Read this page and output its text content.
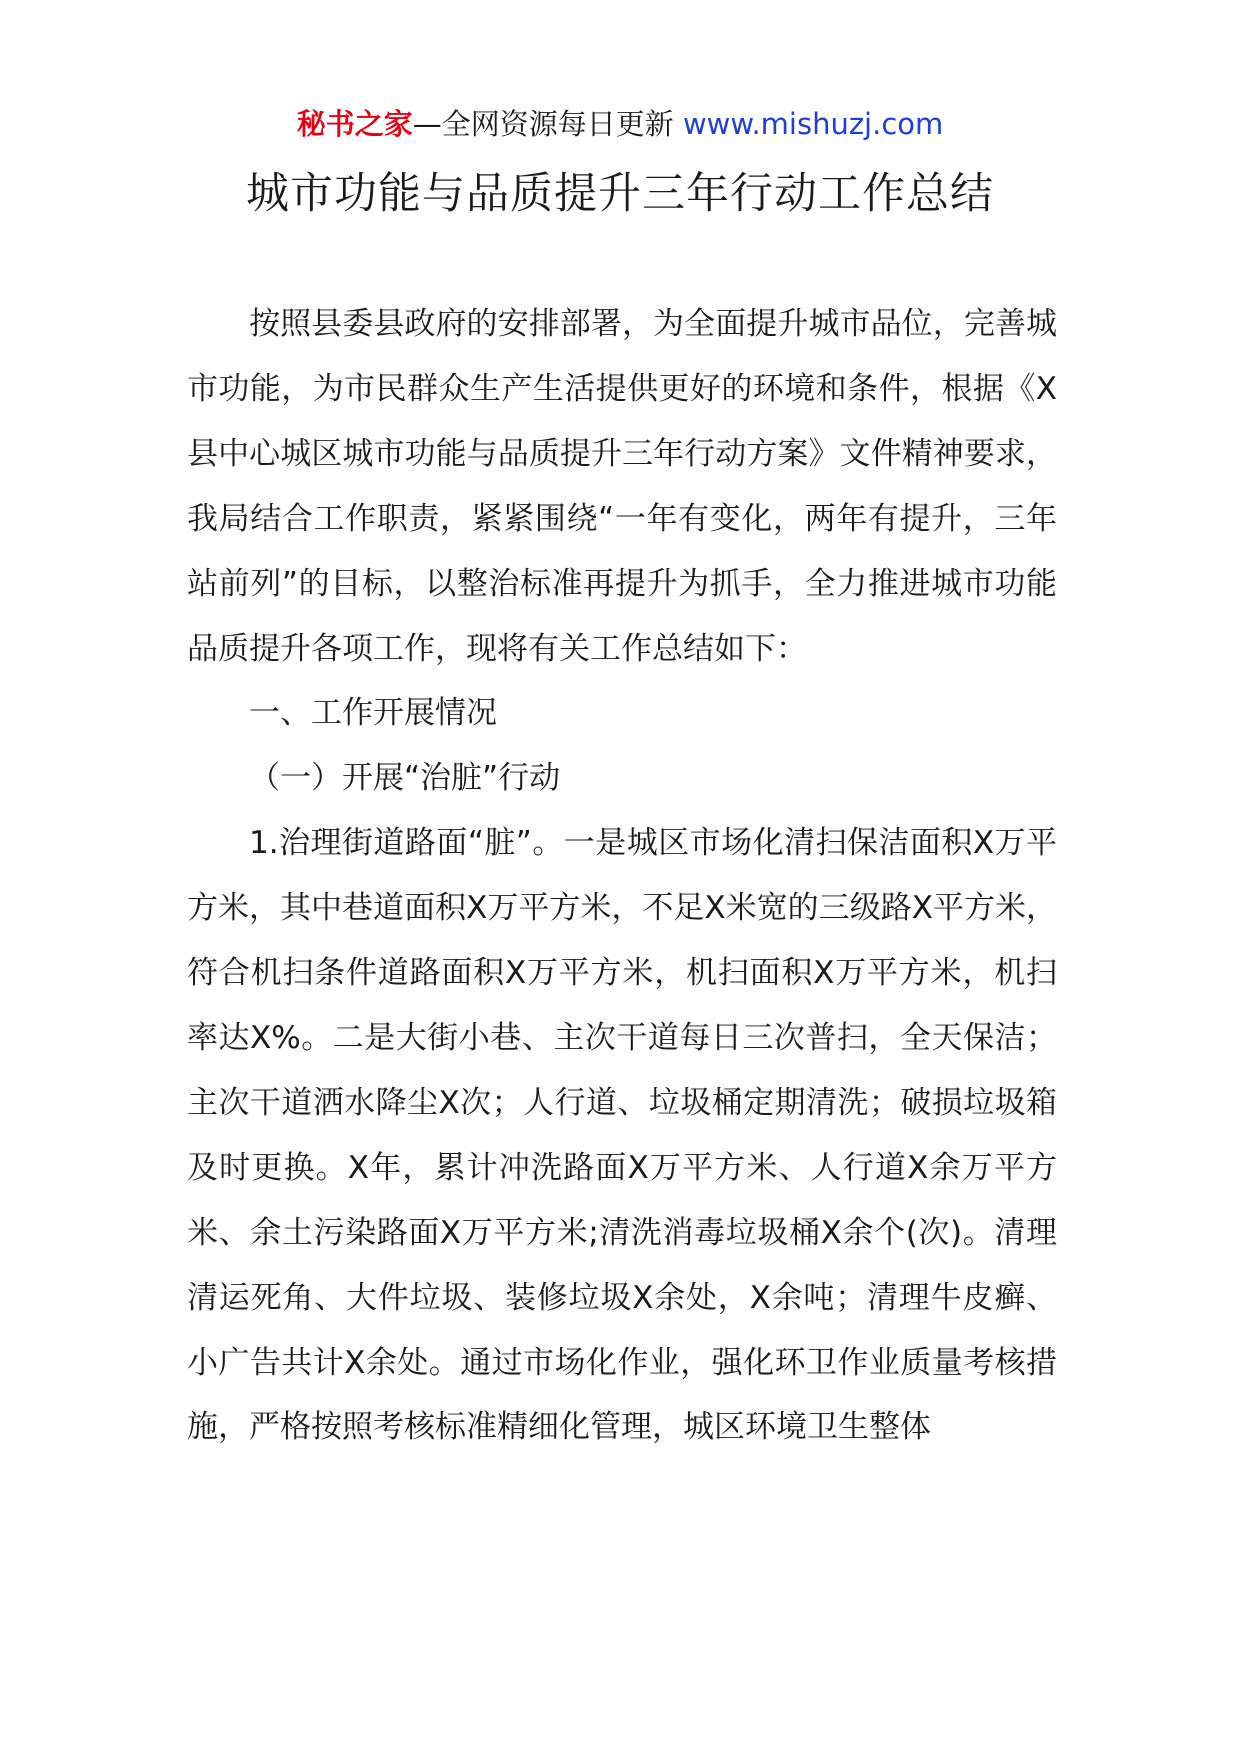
秘书之家—全网资源每日更新 www.mishuzj.com
城市功能与品质提升三年行动工作总结

按照县委县政府的安排部署，为全面提升城市品位，完善城市功能，为市民群众生产生活提供更好的环境和条件，根据《X县中心城区城市功能与品质提升三年行动方案》文件精神要求，我局结合工作职责，紧紧围绕“一年有变化，两年有提升，三年站前列”的目标，以整治标准再提升为抓手，全力推进城市功能品质提升各项工作，现将有关工作总结如下：

一、工作开展情况

（一）开展“治脏”行动

1.治理街道路面“脏”。一是城区市场化清扫保洁面积X万平方米，其中巷道面积X万平方米，不足X米宽的三级路X平方米，符合机扫条件道路面积X万平方米，机扫面积X万平方米，机扫率达X%。二是大街小巷、主次干道每日三次普扫，全天保洁；主次干道洒水降尘X次；人行道、垃圾桶定期清洗；破损垃圾箱及时更换。X年，累计冲洗路面X万平方米、人行道X余万平方米、余土污染路面X万平方米;清洗消毒垃圾桶X余个(次)。清理清运死角、大件垃圾、装修垃圾X余处，X余吨；清理牛皮癣、小广告共计X余处。通过市场化作业，强化环卫作业质量考核措施，严格按照考核标准精细化管理，城区环境卫生整体
